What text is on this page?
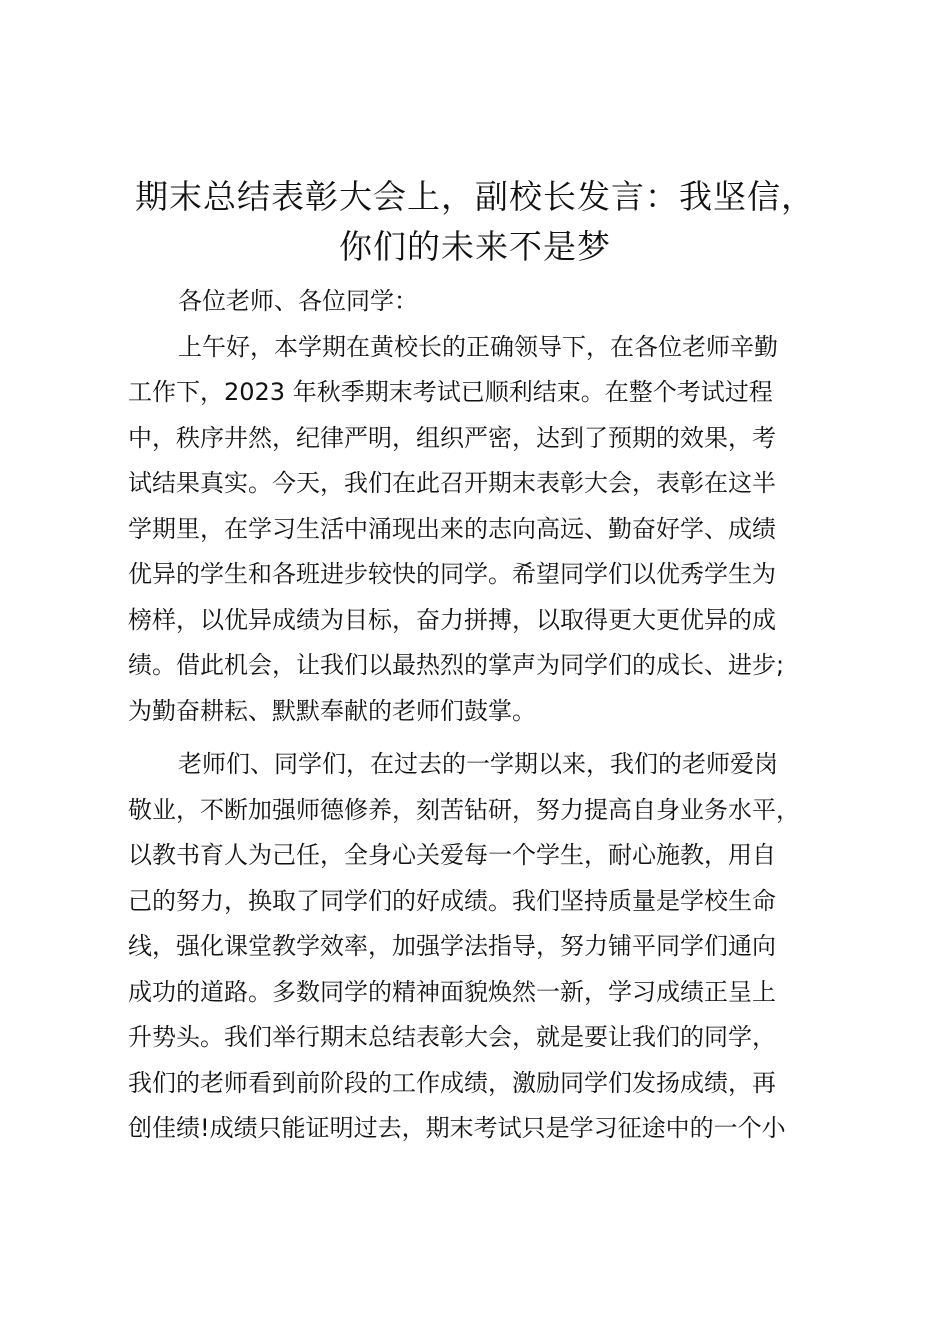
期末总结表彰大会上，副校长发言：我坚信，
你们的未来不是梦
各位老师、各位同学：
上午好，本学期在黄校长的正确领导下，在各位老师辛勤
工作下，2023 年秋季期末考试已顺利结束。在整个考试过程
中，秩序井然，纪律严明，组织严密，达到了预期的效果，考
试结果真实。今天，我们在此召开期末表彰大会，表彰在这半
学期里，在学习生活中涌现出来的志向高远、勤奋好学、成绩
优异的学生和各班进步较快的同学。希望同学们以优秀学生为
榜样，以优异成绩为目标，奋力拼搏，以取得更大更优异的成
绩。借此机会，让我们以最热烈的掌声为同学们的成长、进步;
为勤奋耕耘、默默奉献的老师们鼓掌。
老师们、同学们，在过去的一学期以来，我们的老师爱岗
敬业，不断加强师德修养，刻苦钻研，努力提高自身业务水平，
以教书育人为己任，全身心关爱每一个学生，耐心施教，用自
己的努力，换取了同学们的好成绩。我们坚持质量是学校生命
线，强化课堂教学效率，加强学法指导，努力铺平同学们通向
成功的道路。多数同学的精神面貌焕然一新，学习成绩正呈上
升势头。我们举行期末总结表彰大会，就是要让我们的同学，
我们的老师看到前阶段的工作成绩，激励同学们发扬成绩，再
创佳绩!成绩只能证明过去，期末考试只是学习征途中的一个小
